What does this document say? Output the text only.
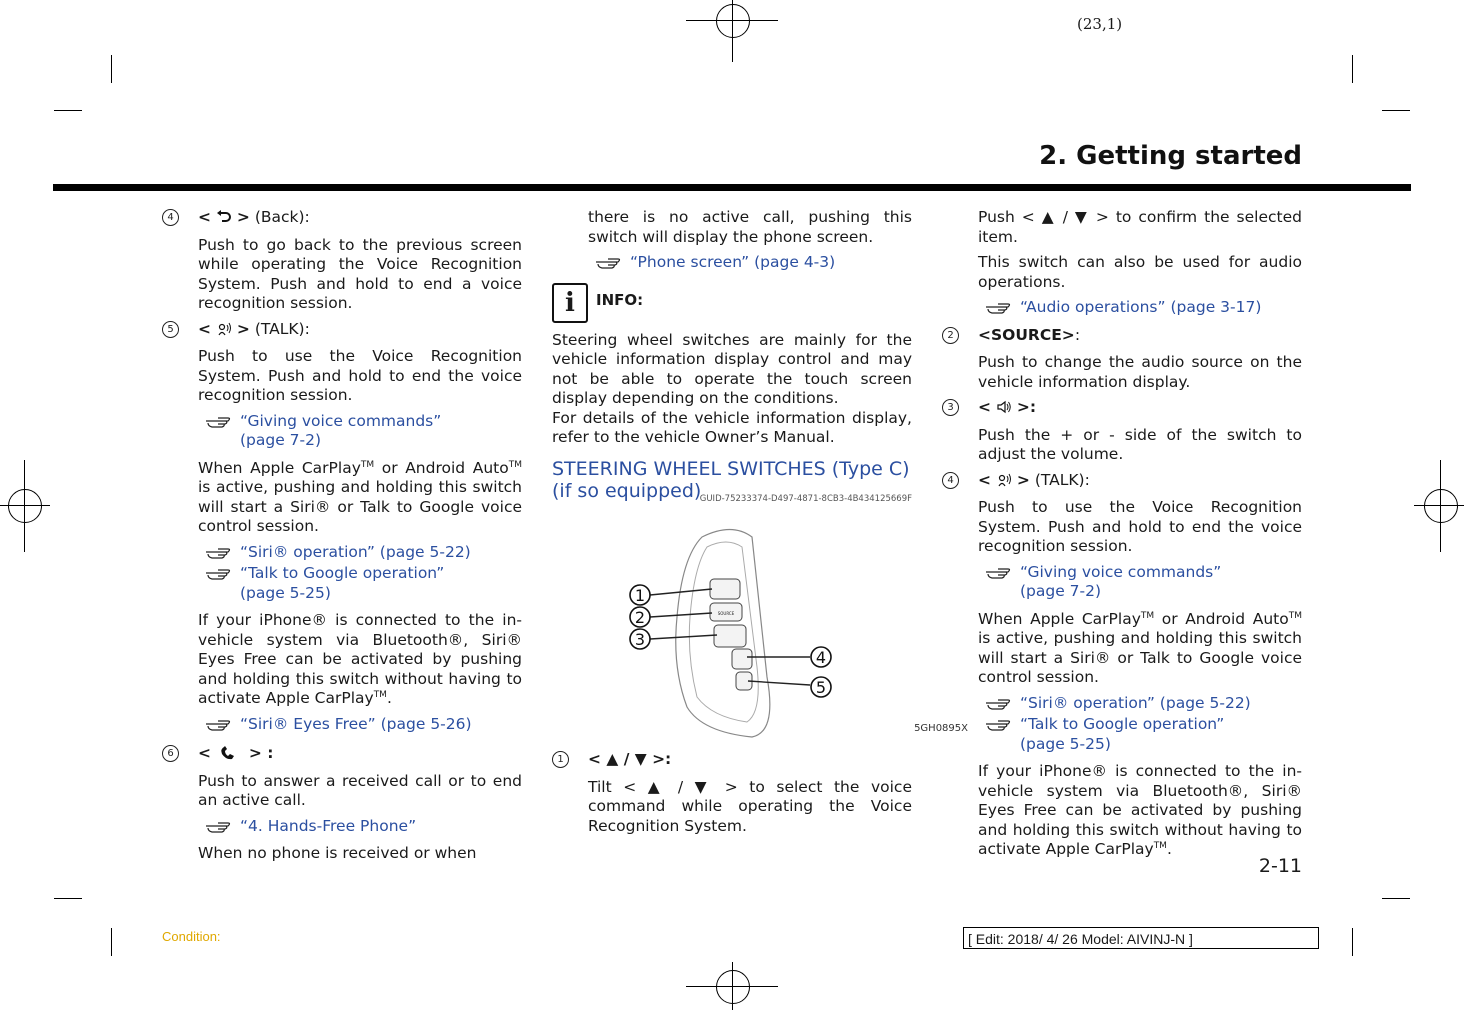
(23,1)
2. Getting started
4	< > (Back):

Push to go back to the previous screen while operating the Voice Recognition System. Push and hold to end a voice recognition session.

5	< > (TALK):

Push to use the Voice Recognition System. Push and hold to end the voice recognition session.

“Giving voice commands”
(page 7-2)

When Apple CarPlay™ or Android Auto™ is active, pushing and holding this switch will start a Siri® or Talk to Google voice control session.

“Siri® operation” (page 5-22)
“Talk to Google operation”
(page 5-25)

If your iPhone® is connected to the in-vehicle system via Bluetooth®, Siri® Eyes Free can be activated by pushing and holding this switch without having to activate Apple CarPlay™.

“Siri® Eyes Free” (page 5-26)
6	< > :

Push to answer a received call or to end an active call.

“4. Hands-Free Phone”

When no phone is received or when

there is no active call, pushing this switch will display the phone screen.

“Phone screen” (page 4-3)
i	INFO:

Steering wheel switches are mainly for the vehicle information display control and may not be able to operate the touch screen display depending on the conditions.

For details of the vehicle information display, refer to the vehicle Owner’s Manual.

STEERING WHEEL SWITCHES (Type C) (if so equipped)
GUID-75233374-D497-4871-8CB3-4B434125669F
SOURCE
1
2
3
4
5
5GH0895X
1	< ▲ / ▼ >:

Tilt < ▲ / ▼ > to select the voice command while operating the Voice Recognition System.

Push < ▲ / ▼ > to confirm the selected item.

This switch can also be used for audio operations.

“Audio operations” (page 3-17)
2	<SOURCE>:

Push to change the audio source on the vehicle information display.

3	< >:

Push the + or - side of the switch to adjust the volume.

4	< > (TALK):

Push to use the Voice Recognition System. Push and hold to end the voice recognition session.

“Giving voice commands”
(page 7-2)

When Apple CarPlay™ or Android Auto™ is active, pushing and holding this switch will start a Siri® or Talk to Google voice control session.

“Siri® operation” (page 5-22)
“Talk to Google operation”
(page 5-25)

If your iPhone® is connected to the in-vehicle system via Bluetooth®, Siri® Eyes Free can be activated by pushing and holding this switch without having to activate Apple CarPlay™.

2-11
Condition:	[ Edit: 2018/ 4/ 26 Model: AIVINJ-N ]
